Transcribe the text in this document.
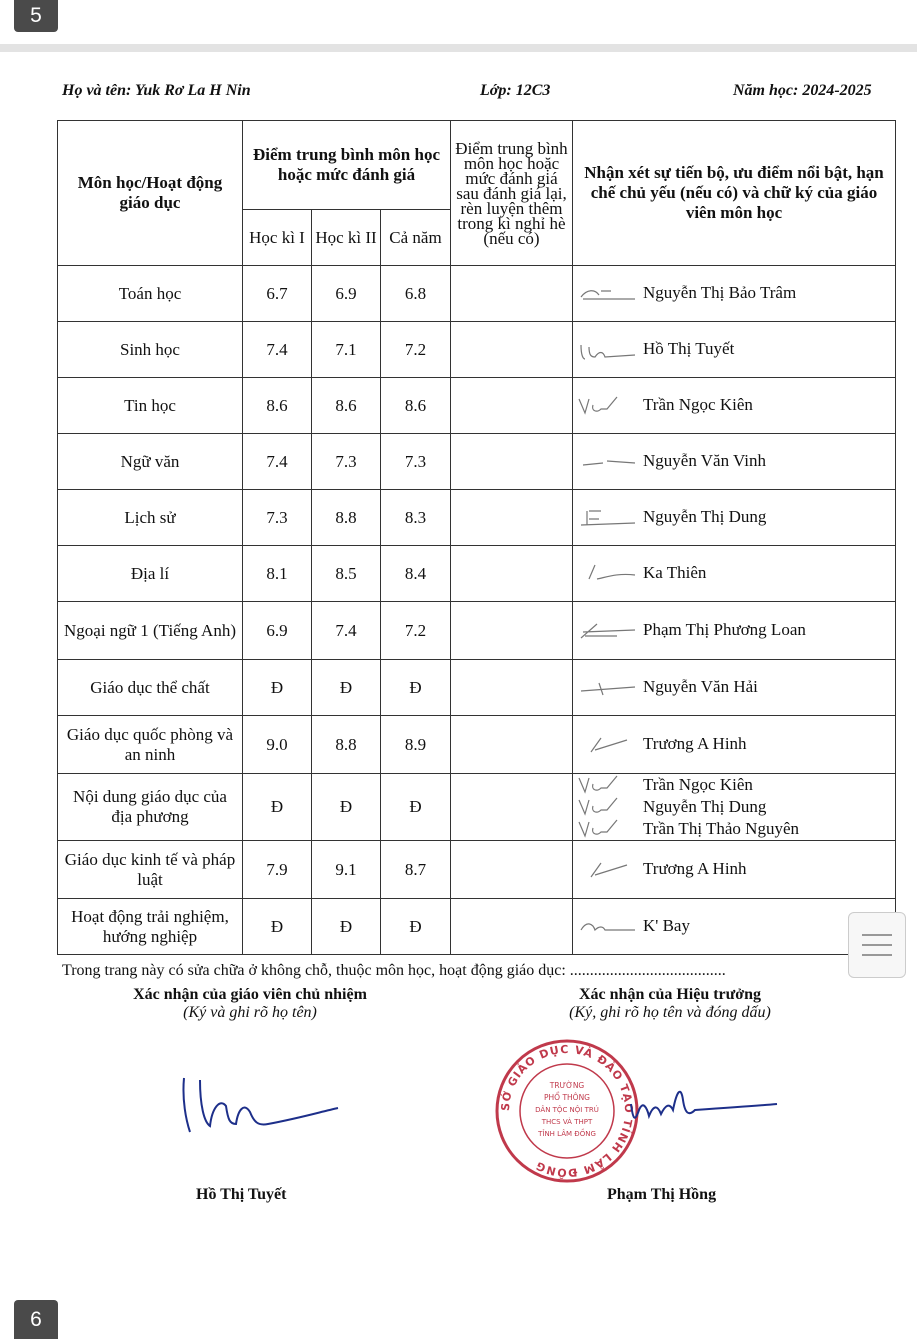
5
Họ và tên: Yuk Rơ La H Nin	Lớp: 12C3	Năm học: 2024-2025
Môn học/Hoạt động giáo dục	Điểm trung bình môn học hoặc mức đánh giá			Điểm trung bình môn học hoặc mức đánh giá sau đánh giá lại, rèn luyện thêm trong kì nghỉ hè (nếu có)	Nhận xét sự tiến bộ, ưu điểm nổi bật, hạn chế chủ yếu (nếu có) và chữ ký của giáo viên môn học
	Học kì I	Học kì II	Cả năm		
Toán học	6.7	6.9	6.8		Nguyễn Thị Bảo Trâm

Sinh học	7.4	7.1	7.2		Hồ Thị Tuyết

Tin học	8.6	8.6	8.6		Trần Ngọc Kiên

Ngữ văn	7.4	7.3	7.3		Nguyễn Văn Vinh

Lịch sử	7.3	8.8	8.3		Nguyễn Thị Dung

Địa lí	8.1	8.5	8.4		Ka Thiên

Ngoại ngữ 1 (Tiếng Anh)	6.9	7.4	7.2		Phạm Thị Phương Loan

Giáo dục thể chất	Đ	Đ	Đ		Nguyễn Văn Hải

Giáo dục quốc phòng và an ninh	9.0	8.8	8.9		Trương A Hinh

Nội dung giáo dục của địa phương	Đ	Đ	Đ		Trần Ngọc Kiên
Nguyễn Thị Dung
Trần Thị Thảo Nguyên

Giáo dục kinh tế và pháp luật	7.9	9.1	8.7		Trương A Hinh

Hoạt động trải nghiệm, hướng nghiệp	Đ	Đ	Đ		K' Bay
Trong trang này có sửa chữa ở không chỗ, thuộc môn học, hoạt động giáo dục: .......................................
Xác nhận của giáo viên chủ nhiệm
(Ký và ghi rõ họ tên)
Xác nhận của Hiệu trưởng
(Ký, ghi rõ họ tên và đóng dấu)
SỞ GIÁO DỤC VÀ ĐÀO TẠO TỈNH LÂM ĐỒNG
TRƯỜNG
PHỔ THÔNG
DÂN TỘC NỘI TRÚ
THCS VÀ THPT
TỈNH LÂM ĐỒNG
Hồ Thị Tuyết	Phạm Thị Hồng
6
